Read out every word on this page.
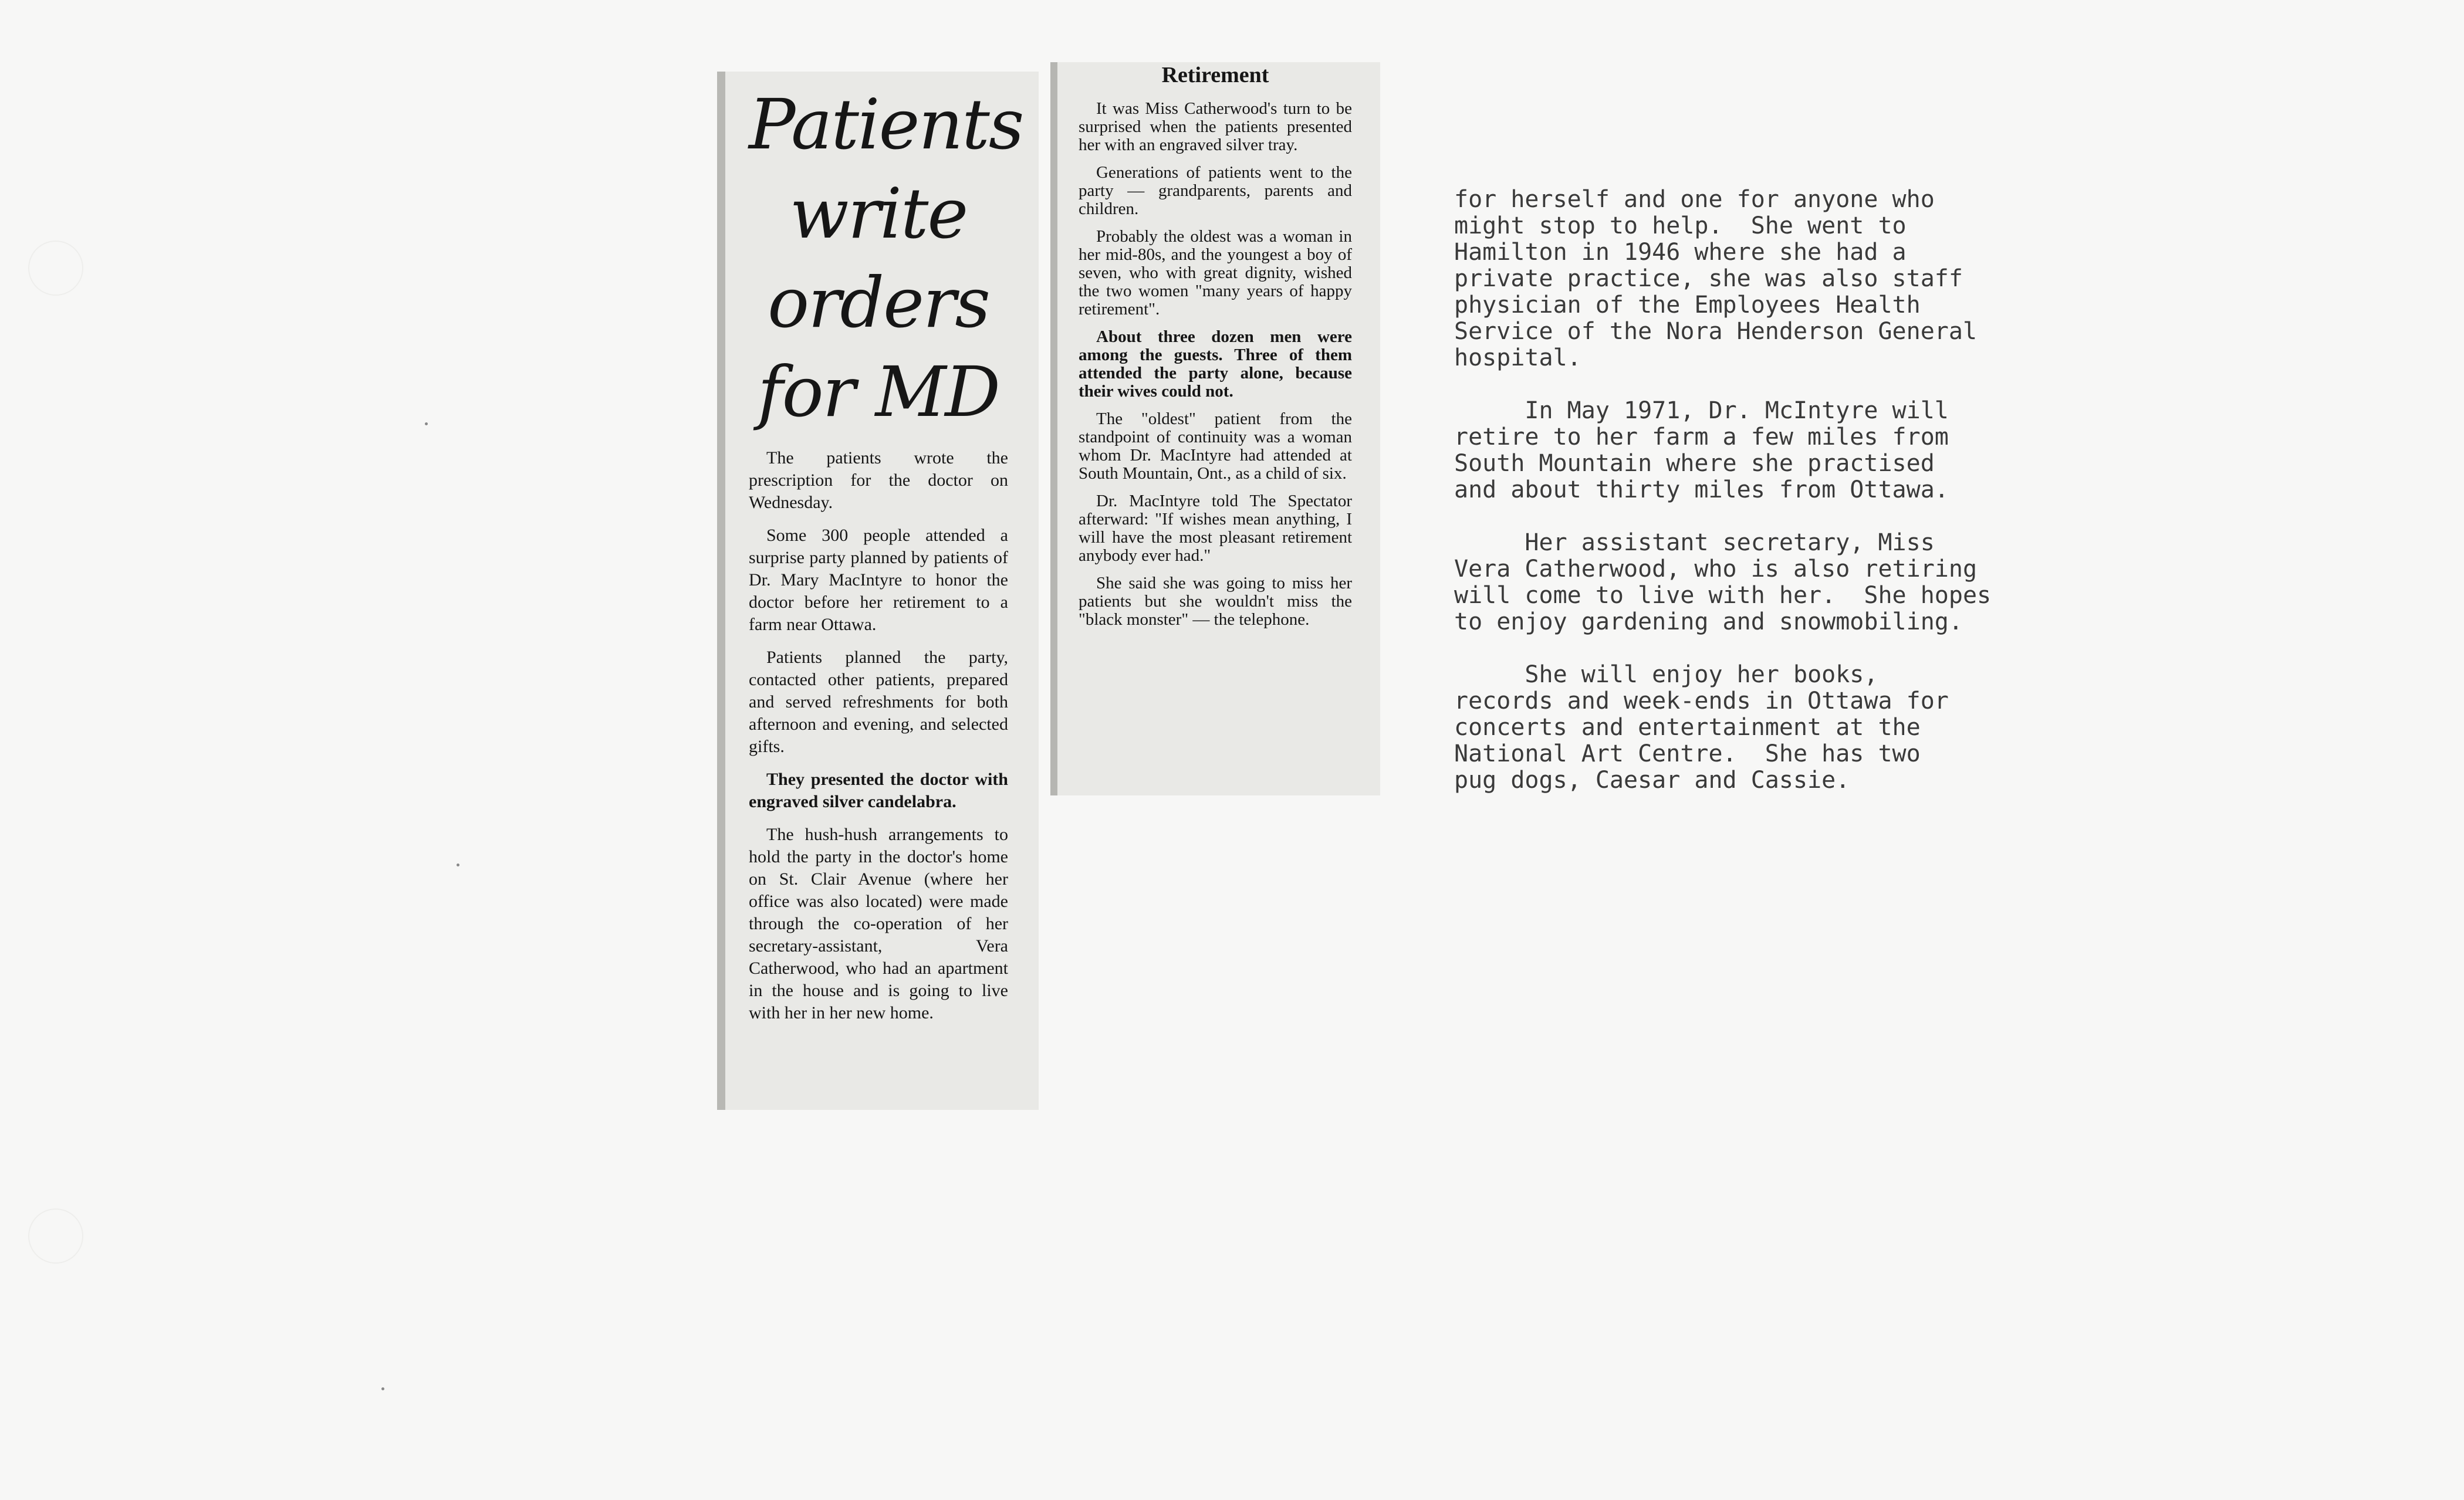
Patients
write
orders
for MD

The patients wrote the prescription for the doctor on Wednesday.

Some 300 people attended a surprise party planned by patients of Dr. Mary MacIntyre to honor the doctor before her retirement to a farm near Ottawa.

Patients planned the party, contacted other patients, prepared and served refreshments for both afternoon and evening, and selected gifts.

They presented the doctor with engraved silver candelabra.

The hush-hush arrangements to hold the party in the doctor's home on St. Clair Avenue (where her office was also located) were made through the co-operation of her secretary-assistant, Vera Catherwood, who had an apartment in the house and is going to live with her in her new home.

Retirement

It was Miss Catherwood's turn to be surprised when the patients presented her with an engraved silver tray.

Generations of patients went to the party — grandparents, parents and children.

Probably the oldest was a woman in her mid-80s, and the youngest a boy of seven, who with great dignity, wished the two women "many years of happy retirement".

About three dozen men were among the guests. Three of them attended the party alone, because their wives could not.

The "oldest" patient from the standpoint of continuity was a woman whom Dr. MacIntyre had attended at South Mountain, Ont., as a child of six.

Dr. MacIntyre told The Spectator afterward: "If wishes mean anything, I will have the most pleasant retirement anybody ever had."

She said she was going to miss her patients but she wouldn't miss the "black monster" — the telephone.

for herself and one for anyone who
might stop to help.  She went to
Hamilton in 1946 where she had a
private practice, she was also staff
physician of the Employees Health
Service of the Nora Henderson General
hospital.

In May 1971, Dr. McIntyre will
retire to her farm a few miles from
South Mountain where she practised
and about thirty miles from Ottawa.

Her assistant secretary, Miss
Vera Catherwood, who is also retiring
will come to live with her.  She hopes
to enjoy gardening and snowmobiling.

She will enjoy her books,
records and week-ends in Ottawa for
concerts and entertainment at the
National Art Centre.  She has two
pug dogs, Caesar and Cassie.
